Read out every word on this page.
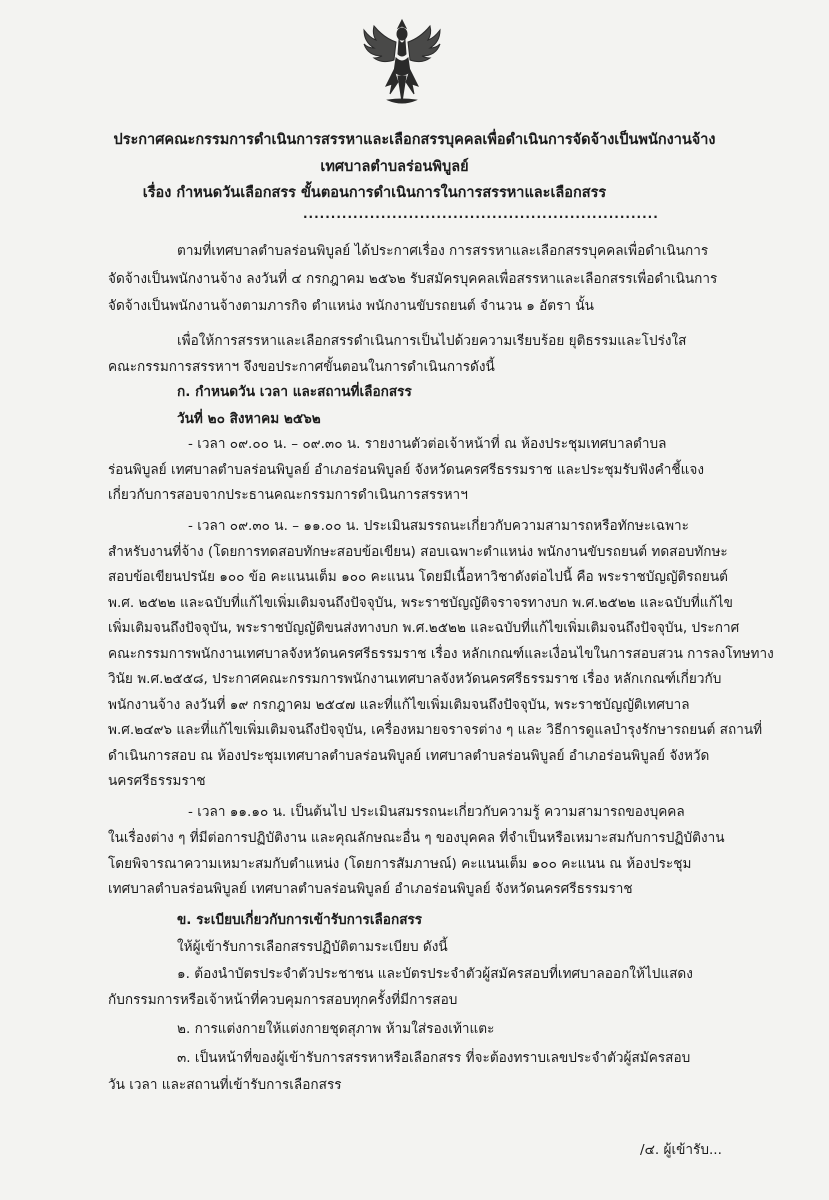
ประกาศคณะกรรมการดำเนินการสรรหาและเลือกสรรบุคคลเพื่อดำเนินการจัดจ้างเป็นพนักงานจ้าง
เทศบาลตำบลร่อนพิบูลย์
เรื่อง กำหนดวันเลือกสรร ขั้นตอนการดำเนินการในการสรรหาและเลือกสรร
................................................................
ตามที่เทศบาลตำบลร่อนพิบูลย์ ได้ประกาศเรื่อง การสรรหาและเลือกสรรบุคคลเพื่อดำเนินการ
จัดจ้างเป็นพนักงานจ้าง ลงวันที่ ๔ กรกฎาคม ๒๕๖๒ รับสมัครบุคคลเพื่อสรรหาและเลือกสรรเพื่อดำเนินการ
จัดจ้างเป็นพนักงานจ้างตามภารกิจ ตำแหน่ง พนักงานขับรถยนต์ จำนวน ๑ อัตรา นั้น
เพื่อให้การสรรหาและเลือกสรรดำเนินการเป็นไปด้วยความเรียบร้อย ยุติธรรมและโปร่งใส
คณะกรรมการสรรหาฯ จึงขอประกาศขั้นตอนในการดำเนินการดังนี้
ก. กำหนดวัน เวลา และสถานที่เลือกสรร
วันที่ ๒๐ สิงหาคม ๒๕๖๒
- เวลา ๐๙.๐๐ น. – ๐๙.๓๐ น. รายงานตัวต่อเจ้าหน้าที่ ณ ห้องประชุมเทศบาลตำบล
ร่อนพิบูลย์ เทศบาลตำบลร่อนพิบูลย์ อำเภอร่อนพิบูลย์ จังหวัดนครศรีธรรมราช และประชุมรับฟังคำชี้แจง
เกี่ยวกับการสอบจากประธานคณะกรรมการดำเนินการสรรหาฯ
- เวลา ๐๙.๓๐ น. – ๑๑.๐๐ น. ประเมินสมรรถนะเกี่ยวกับความสามารถหรือทักษะเฉพาะ
สำหรับงานที่จ้าง (โดยการทดสอบทักษะสอบข้อเขียน) สอบเฉพาะตำแหน่ง พนักงานขับรถยนต์ ทดสอบทักษะ
สอบข้อเขียนปรนัย ๑๐๐ ข้อ คะแนนเต็ม ๑๐๐ คะแนน โดยมีเนื้อหาวิชาดังต่อไปนี้ คือ พระราชบัญญัติรถยนต์
พ.ศ. ๒๕๒๒ และฉบับที่แก้ไขเพิ่มเติมจนถึงปัจจุบัน, พระราชบัญญัติจราจรทางบก พ.ศ.๒๕๒๒ และฉบับที่แก้ไข
เพิ่มเติมจนถึงปัจจุบัน, พระราชบัญญัติขนส่งทางบก พ.ศ.๒๕๒๒ และฉบับที่แก้ไขเพิ่มเติมจนถึงปัจจุบัน, ประกาศ
คณะกรรมการพนักงานเทศบาลจังหวัดนครศรีธรรมราช เรื่อง หลักเกณฑ์และเงื่อนไขในการสอบสวน การลงโทษทาง
วินัย พ.ศ.๒๕๕๘, ประกาศคณะกรรมการพนักงานเทศบาลจังหวัดนครศรีธรรมราช เรื่อง หลักเกณฑ์เกี่ยวกับ
พนักงานจ้าง ลงวันที่ ๑๙ กรกฎาคม ๒๕๔๗ และที่แก้ไขเพิ่มเติมจนถึงปัจจุบัน, พระราชบัญญัติเทศบาล
พ.ศ.๒๔๙๖ และที่แก้ไขเพิ่มเติมจนถึงปัจจุบัน, เครื่องหมายจราจรต่าง ๆ และ วิธีการดูแลบำรุงรักษารถยนต์ สถานที่
ดำเนินการสอบ ณ ห้องประชุมเทศบาลตำบลร่อนพิบูลย์ เทศบาลตำบลร่อนพิบูลย์ อำเภอร่อนพิบูลย์ จังหวัด
นครศรีธรรมราช
- เวลา ๑๑.๑๐ น. เป็นต้นไป ประเมินสมรรถนะเกี่ยวกับความรู้ ความสามารถของบุคคล
ในเรื่องต่าง ๆ ที่มีต่อการปฏิบัติงาน และคุณลักษณะอื่น ๆ ของบุคคล ที่จำเป็นหรือเหมาะสมกับการปฏิบัติงาน
โดยพิจารณาความเหมาะสมกับตำแหน่ง (โดยการสัมภาษณ์) คะแนนเต็ม ๑๐๐ คะแนน ณ ห้องประชุม
เทศบาลตำบลร่อนพิบูลย์ เทศบาลตำบลร่อนพิบูลย์ อำเภอร่อนพิบูลย์ จังหวัดนครศรีธรรมราช
ข. ระเบียบเกี่ยวกับการเข้ารับการเลือกสรร
ให้ผู้เข้ารับการเลือกสรรปฏิบัติตามระเบียบ ดังนี้
๑. ต้องนำบัตรประจำตัวประชาชน และบัตรประจำตัวผู้สมัครสอบที่เทศบาลออกให้ไปแสดง
กับกรรมการหรือเจ้าหน้าที่ควบคุมการสอบทุกครั้งที่มีการสอบ
๒. การแต่งกายให้แต่งกายชุดสุภาพ ห้ามใส่รองเท้าแตะ
๓. เป็นหน้าที่ของผู้เข้ารับการสรรหาหรือเลือกสรร ที่จะต้องทราบเลขประจำตัวผู้สมัครสอบ
วัน เวลา และสถานที่เข้ารับการเลือกสรร
/๔. ผู้เข้ารับ...
